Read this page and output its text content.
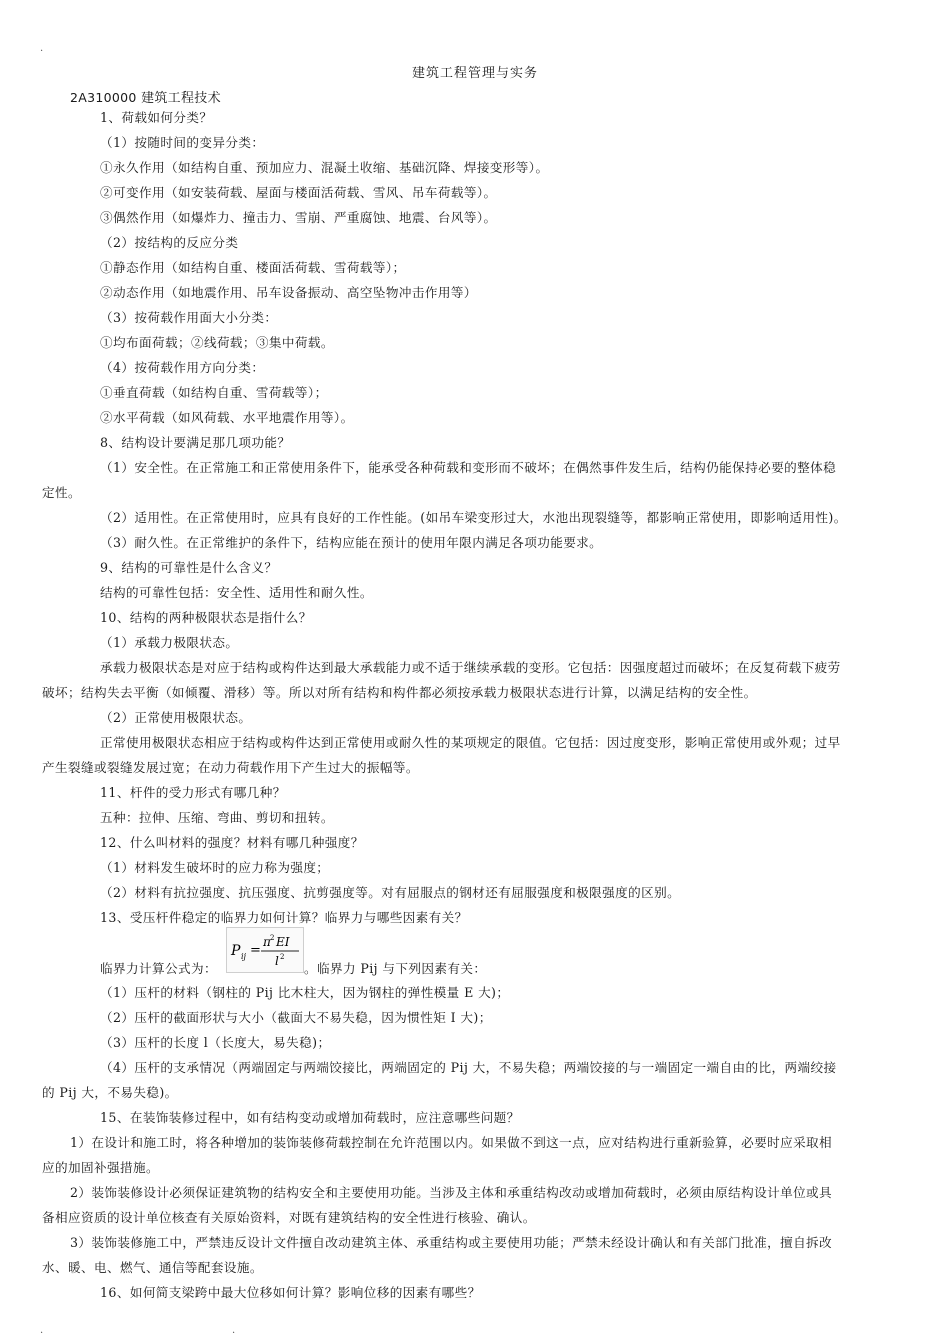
.
建筑工程管理与实务
2A310000 建筑工程技术
1、荷载如何分类？
（1）按随时间的变异分类：
①永久作用（如结构自重、预加应力、混凝土收缩、基础沉降、焊接变形等）。
②可变作用（如安装荷载、屋面与楼面活荷载、雪风、吊车荷载等）。
③偶然作用（如爆炸力、撞击力、雪崩、严重腐蚀、地震、台风等）。
（2）按结构的反应分类
①静态作用（如结构自重、楼面活荷载、雪荷载等）；
②动态作用（如地震作用、吊车设备振动、高空坠物冲击作用等）
（3）按荷载作用面大小分类：
①均布面荷载；②线荷载；③集中荷载。
（4）按荷载作用方向分类：
①垂直荷载（如结构自重、雪荷载等）；
②水平荷载（如风荷载、水平地震作用等）。
8、结构设计要满足那几项功能？
（1）安全性。在正常施工和正常使用条件下，能承受各种荷载和变形而不破坏；在偶然事件发生后，结构仍能保持必要的整体稳
定性。
（2）适用性。在正常使用时，应具有良好的工作性能。(如吊车梁变形过大，水池出现裂缝等，都影响正常使用，即影响适用性)。
（3）耐久性。在正常维护的条件下，结构应能在预计的使用年限内满足各项功能要求。
9、结构的可靠性是什么含义？
结构的可靠性包括：安全性、适用性和耐久性。
10、结构的两种极限状态是指什么？
（1）承载力极限状态。
承载力极限状态是对应于结构或构件达到最大承载能力或不适于继续承载的变形。它包括：因强度超过而破坏；在反复荷载下疲劳
破坏；结构失去平衡（如倾覆、滑移）等。所以对所有结构和构件都必须按承载力极限状态进行计算，以满足结构的安全性。
（2）正常使用极限状态。
正常使用极限状态相应于结构或构件达到正常使用或耐久性的某项规定的限值。它包括：因过度变形，影响正常使用或外观；过早
产生裂缝或裂缝发展过宽；在动力荷载作用下产生过大的振幅等。
11、杆件的受力形式有哪几种？
五种：拉伸、压缩、弯曲、剪切和扭转。
12、什么叫材料的强度？材料有哪几种强度？
（1）材料发生破坏时的应力称为强度；
（2）材料有抗拉强度、抗压强度、抗剪强度等。对有屈服点的钢材还有屈服强度和极限强度的区别。
13、受压杆件稳定的临界力如何计算？临界力与哪些因素有关？
临界力计算公式为：
P ij =
π 2 EI
l 2
。临界力 Pij 与下列因素有关：
（1）压杆的材料（钢柱的 Pij 比木柱大，因为钢柱的弹性模量 E 大)；
（2）压杆的截面形状与大小（截面大不易失稳，因为惯性矩 I 大)；
（3）压杆的长度 l（长度大，易失稳)；
（4）压杆的支承情况（两端固定与两端饺接比，两端固定的 Pij 大，不易失稳；两端饺接的与一端固定一端自由的比，两端绞接
的 Pij 大，不易失稳)。
15、在装饰装修过程中，如有结构变动或增加荷载时，应注意哪些问题？
1）在设计和施工时，将各种增加的装饰装修荷载控制在允许范围以内。如果做不到这一点，应对结构进行重新验算，必要时应采取相
应的加固补强措施。
2）装饰装修设计必须保证建筑物的结构安全和主要使用功能。当涉及主体和承重结构改动或增加荷载时，必须由原结构设计单位或具
备相应资质的设计单位核查有关原始资料，对既有建筑结构的安全性进行核验、确认。
3）装饰装修施工中，严禁违反设计文件擅自改动建筑主体、承重结构或主要使用功能；严禁未经设计确认和有关部门批准，擅自拆改
水、暖、电、燃气、通信等配套设施。
16、如何简支梁跨中最大位移如何计算？影响位移的因素有哪些？
.	.
